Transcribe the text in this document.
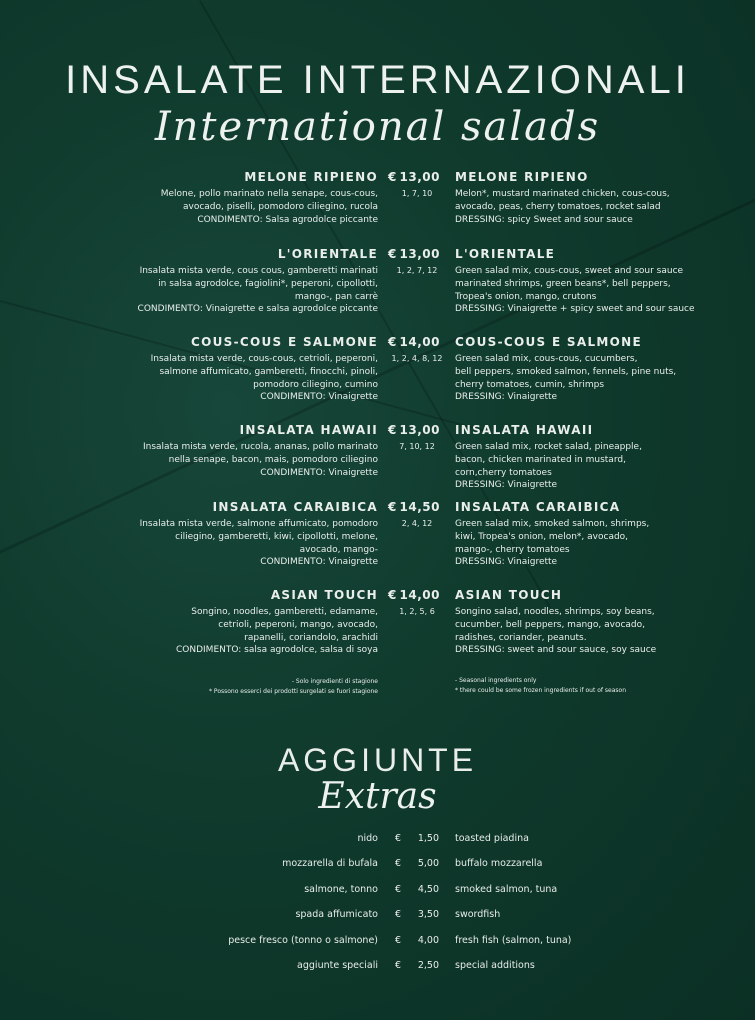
INSALATE INTERNAZIONALI
International salads
MELONE RIPIENO € 13,00
1, 7, 10
MELONE RIPIENO
Melone, pollo marinato nella senape, cous-cous,
avocado, piselli, pomodoro ciliegino, rucola
CONDIMENTO: Salsa agrodolce piccante
Melon*, mustard marinated chicken, cous-cous,
avocado, peas, cherry tomatoes, rocket salad
DRESSING: spicy Sweet and sour sauce
L'ORIENTALE € 13,00
1, 2, 7, 12
L'ORIENTALE
Insalata mista verde, cous cous, gamberetti marinati
in salsa agrodolce, fagiolini*, peperoni, cipollotti,
mango-, pan carrè
CONDIMENTO: Vinaigrette e salsa agrodolce piccante
Green salad mix, cous-cous, sweet and sour sauce
marinated shrimps, green beans*, bell peppers,
Tropea's onion, mango, crutons
DRESSING: Vinaigrette + spicy sweet and sour sauce
COUS-COUS E SALMONE € 14,00
1, 2, 4, 8, 12
COUS-COUS E SALMONE
Insalata mista verde, cous-cous, cetrioli, peperoni,
salmone affumicato, gamberetti, finocchi, pinoli,
pomodoro ciliegino, cumino
CONDIMENTO: Vinaigrette
Green salad mix, cous-cous, cucumbers,
bell peppers, smoked salmon, fennels, pine nuts,
cherry tomatoes, cumin, shrimps
DRESSING: Vinaigrette
INSALATA HAWAII € 13,00
7, 10, 12
INSALATA HAWAII
Insalata mista verde, rucola, ananas, pollo marinato
nella senape, bacon, mais, pomodoro ciliegino
CONDIMENTO: Vinaigrette
Green salad mix, rocket salad, pineapple,
bacon, chicken marinated in mustard,
corn,cherry tomatoes
DRESSING: Vinaigrette
INSALATA CARAIBICA € 14,50
2, 4, 12
INSALATA CARAIBICA
Insalata mista verde, salmone affumicato, pomodoro
ciliegino, gamberetti, kiwi, cipollotti, melone,
avocado, mango-
CONDIMENTO: Vinaigrette
Green salad mix, smoked salmon, shrimps,
kiwi, Tropea's onion, melon*, avocado,
mango-, cherry tomatoes
DRESSING: Vinaigrette
ASIAN TOUCH € 14,00
1, 2, 5, 6
ASIAN TOUCH
Songino, noodles, gamberetti, edamame,
cetrioli, peperoni, mango, avocado,
rapanelli, coriandolo, arachidi
CONDIMENTO: salsa agrodolce, salsa di soya
Songino salad, noodles, shrimps, soy beans,
cucumber, bell peppers, mango, avocado,
radishes, coriander, peanuts.
DRESSING: sweet and sour sauce, soy sauce
- Solo ingredienti di stagione
* Possono esserci dei prodotti surgelati se fuori stagione
- Seasonal ingredients only
* there could be some frozen ingredients if out of season
AGGIUNTE
Extras
nido € 1,50 toasted piadina
mozzarella di bufala € 5,00 buffalo mozzarella
salmone, tonno € 4,50 smoked salmon, tuna
spada affumicato € 3,50 swordfish
pesce fresco (tonno o salmone) € 4,00 fresh fish (salmon, tuna)
aggiunte speciali € 2,50 special additions
